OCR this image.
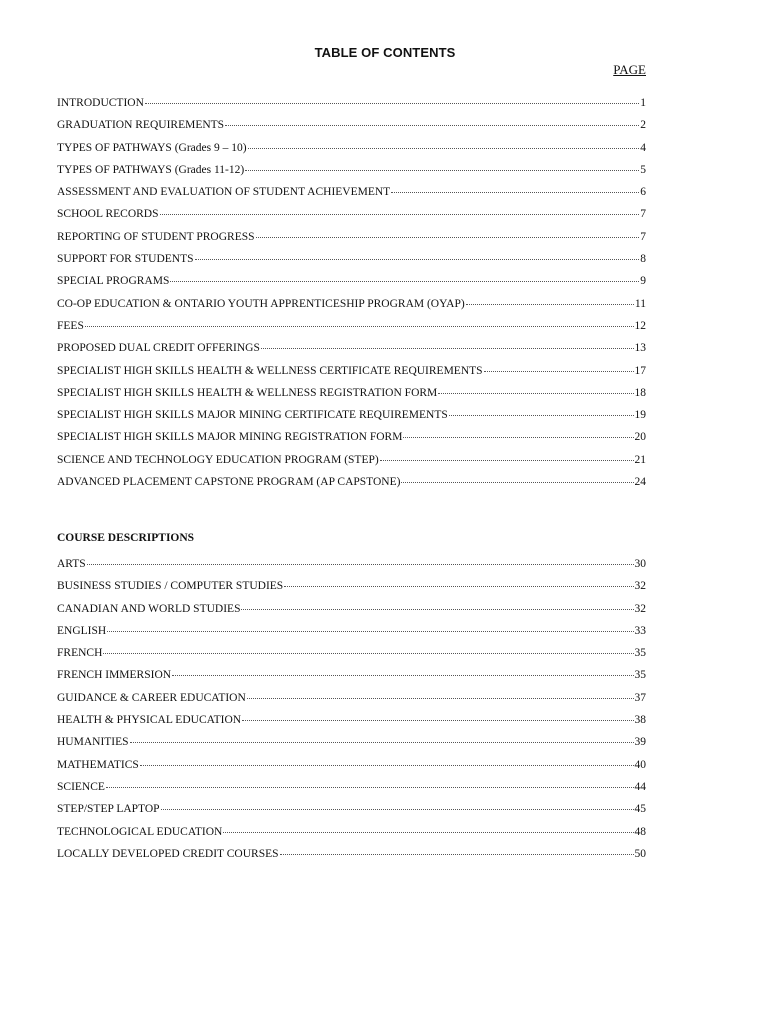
TABLE OF CONTENTS
PAGE
INTRODUCTION	1
GRADUATION REQUIREMENTS	2
TYPES OF PATHWAYS (Grades 9 – 10)	4
TYPES OF PATHWAYS (Grades 11-12)	5
ASSESSMENT AND EVALUATION OF STUDENT ACHIEVEMENT	6
SCHOOL RECORDS	7
REPORTING OF STUDENT PROGRESS	7
SUPPORT FOR STUDENTS	8
SPECIAL PROGRAMS	9
CO-OP EDUCATION & ONTARIO YOUTH APPRENTICESHIP PROGRAM (OYAP)	11
FEES	12
PROPOSED DUAL CREDIT OFFERINGS	13
SPECIALIST HIGH SKILLS HEALTH & WELLNESS CERTIFICATE REQUIREMENTS	17
SPECIALIST HIGH SKILLS HEALTH & WELLNESS REGISTRATION FORM	18
SPECIALIST HIGH SKILLS MAJOR MINING CERTIFICATE REQUIREMENTS	19
SPECIALIST HIGH SKILLS MAJOR MINING REGISTRATION FORM	20
SCIENCE AND TECHNOLOGY EDUCATION PROGRAM (STEP)	21
ADVANCED PLACEMENT CAPSTONE PROGRAM (AP CAPSTONE)	24
COURSE DESCRIPTIONS
ARTS	30
BUSINESS STUDIES / COMPUTER STUDIES	32
CANADIAN AND WORLD STUDIES	32
ENGLISH	33
FRENCH	35
FRENCH IMMERSION	35
GUIDANCE & CAREER EDUCATION	37
HEALTH & PHYSICAL EDUCATION	38
HUMANITIES	39
MATHEMATICS	40
SCIENCE	44
STEP/STEP LAPTOP	45
TECHNOLOGICAL EDUCATION	48
LOCALLY DEVELOPED CREDIT COURSES	50
